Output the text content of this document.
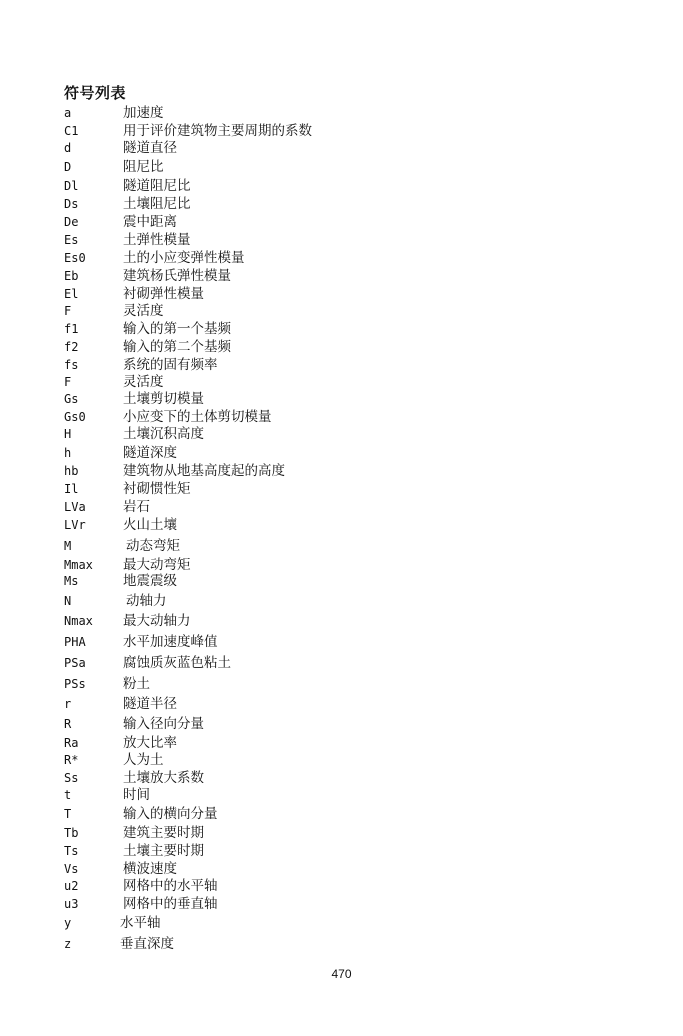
符号列表
a	加速度
C1	用于评价建筑物主要周期的系数
d	隧道直径
D	阻尼比
Dl	隧道阻尼比
Ds	土壤阻尼比
De	震中距离
Es	土弹性模量
Es0	土的小应变弹性模量
Eb	建筑杨氏弹性模量
El	衬砌弹性模量
F	灵活度
f1	输入的第一个基频
f2	输入的第二个基频
fs	系统的固有频率
F	灵活度
Gs	土壤剪切模量
Gs0	小应变下的土体剪切模量
H	土壤沉积高度
h	隧道深度
hb	建筑物从地基高度起的高度
Il	衬砌惯性矩
LVa	岩石
LVr	火山土壤
M	动态弯矩
Mmax 最大动弯矩
Ms	地震震级
N	动轴力
Nmax 最大动轴力
PHA	水平加速度峰值
PSa	腐蚀质灰蓝色粘土
PSs	粉土
r	隧道半径
R	输入径向分量
Ra	放大比率
R*	人为土
Ss	土壤放大系数
t	时间
T	输入的横向分量
Tb	建筑主要时期
Ts	土壤主要时期
Vs	横波速度
u2	网格中的水平轴
u3	网格中的垂直轴
y	水平轴
z	垂直深度
470
